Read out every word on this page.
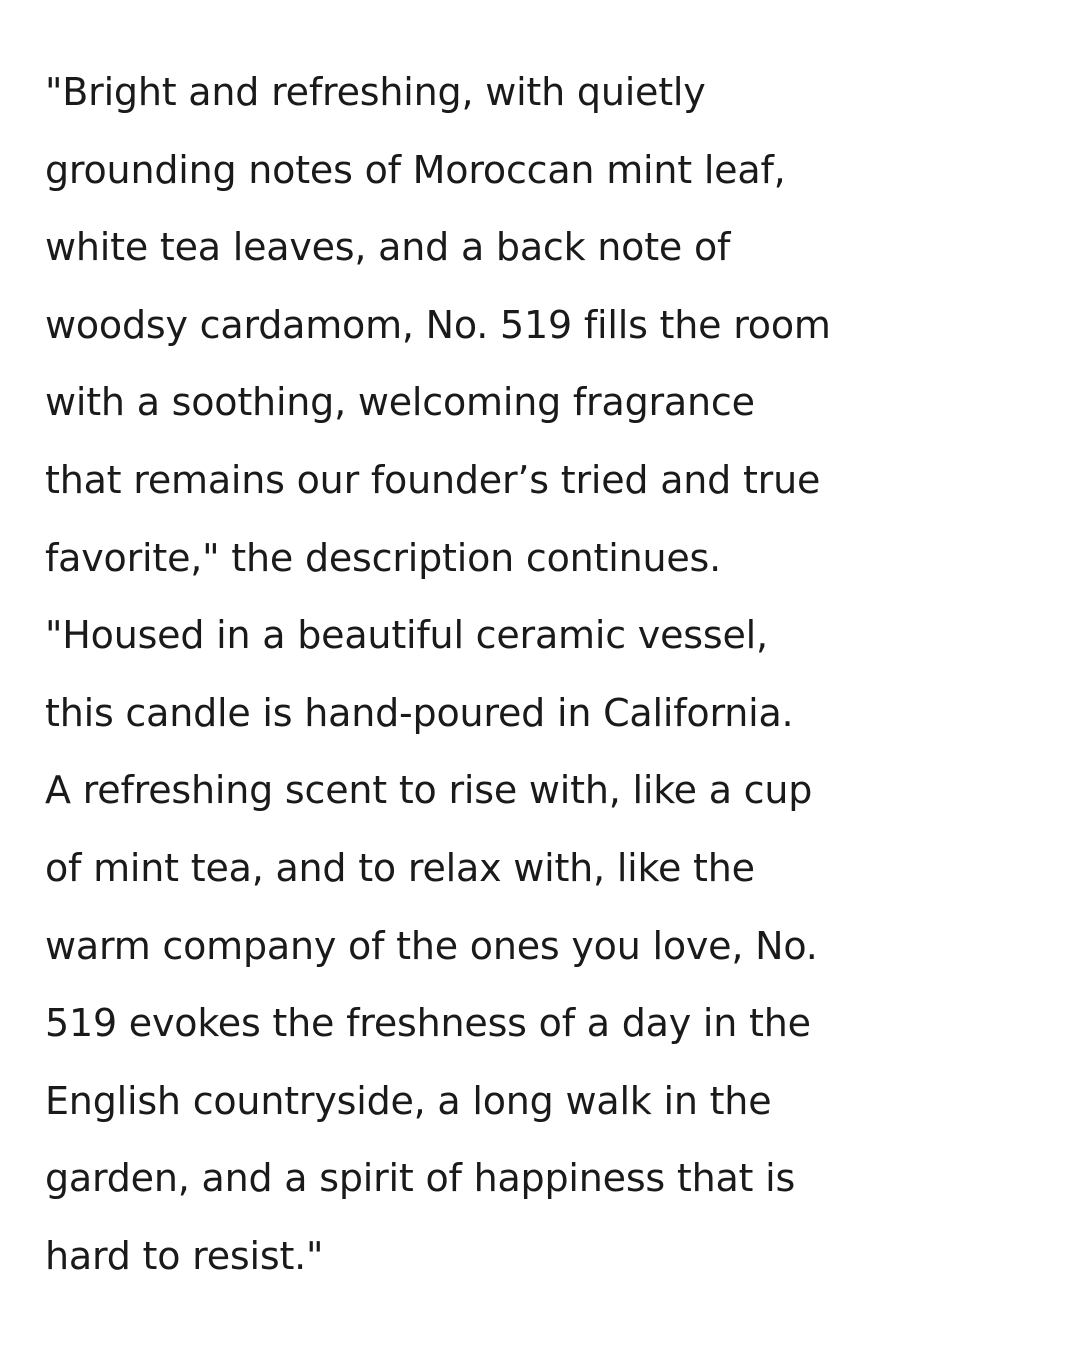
"Bright and refreshing, with quietly
grounding notes of Moroccan mint leaf,
white tea leaves, and a back note of
woodsy cardamom, No. 519 fills the room
with a soothing, welcoming fragrance
that remains our founder’s tried and true
favorite," the description continues.
"Housed in a beautiful ceramic vessel,
this candle is hand-poured in California.
A refreshing scent to rise with, like a cup
of mint tea, and to relax with, like the
warm company of the ones you love, No.
519 evokes the freshness of a day in the
English countryside, a long walk in the
garden, and a spirit of happiness that is
hard to resist."
